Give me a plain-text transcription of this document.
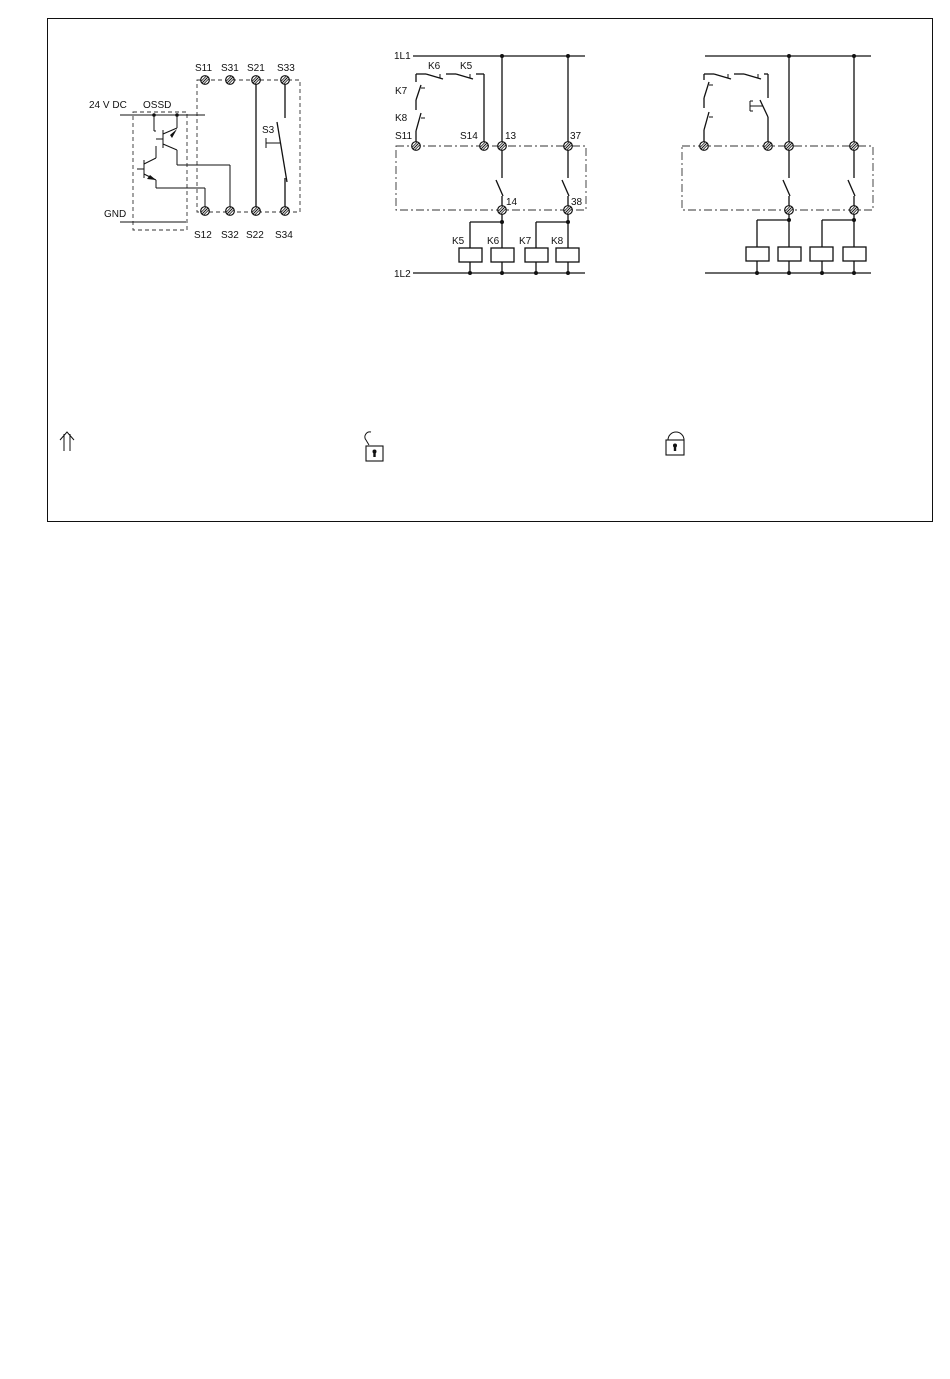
S11 S31 S21 S33
S12 S32 S22 S34
24 V DC OSSD
GND
S3
1L1
1L2
K6 K5
K7
K8
S11	S14	13	37
14	38
K5 K6 K7 K8
